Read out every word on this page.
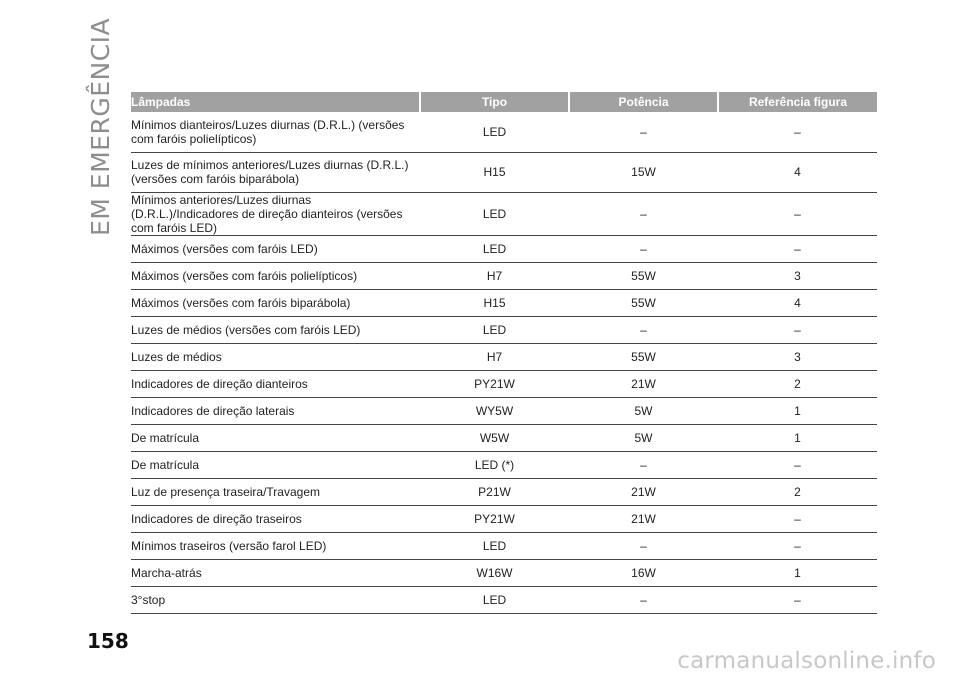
EM EMERGÊNCIA Lâmpadas	Tipo	Potência	Referência figura
Mínimos dianteiros/Luzes diurnas (D.R.L.) (versões com faróis polielípticos)	LED	–	–
Luzes de mínimos anteriores/Luzes diurnas (D.R.L.) (versões com faróis biparábola)	H15	15W	4
Mínimos anteriores/Luzes diurnas (D.R.L.)/Indicadores de direção dianteiros (versões com faróis LED)	LED	–	–
Máximos (versões com faróis LED)	LED	–	–
Máximos (versões com faróis polielípticos)	H7	55W	3
Máximos (versões com faróis biparábola)	H15	55W	4
Luzes de médios (versões com faróis LED)	LED	–	–
Luzes de médios	H7	55W	3
Indicadores de direção dianteiros	PY21W	21W	2
Indicadores de direção laterais	WY5W	5W	1
De matrícula	W5W	5W	1
De matrícula	LED (*)	–	–
Luz de presença traseira/Travagem	P21W	21W	2
Indicadores de direção traseiros	PY21W	21W	–
Mínimos traseiros (versão farol LED)	LED	–	–
Marcha-atrás	W16W	16W	1
3°stop	LED	–	–
158
carmanualsonline.info
